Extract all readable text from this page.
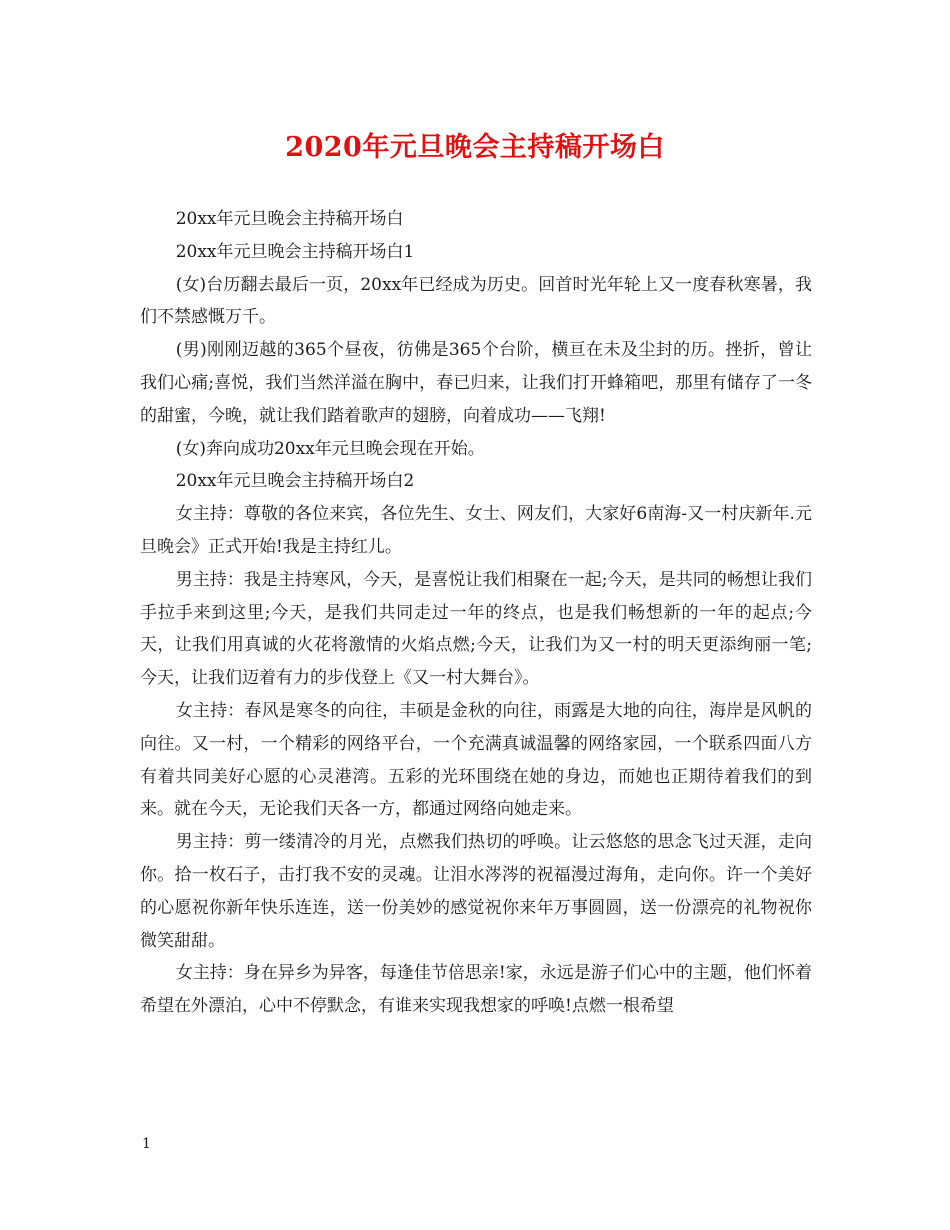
2020年元旦晚会主持稿开场白

20xx年元旦晚会主持稿开场白

20xx年元旦晚会主持稿开场白1

(女)台历翻去最后一页，20xx年已经成为历史。回首时光年轮上又一度春秋寒暑，我们不禁感慨万千。

(男)刚刚迈越的365个昼夜，彷佛是365个台阶，横亘在未及尘封的历。挫折，曾让我们心痛;喜悦，我们当然洋溢在胸中，春已归来，让我们打开蜂箱吧，那里有储存了一冬的甜蜜，今晚，就让我们踏着歌声的翅膀，向着成功——飞翔!

(女)奔向成功20xx年元旦晚会现在开始。

20xx年元旦晚会主持稿开场白2

女主持：尊敬的各位来宾，各位先生、女士、网友们，大家好6南海-又一村庆新年.元旦晚会》正式开始!我是主持红儿。

男主持：我是主持寒风，今天，是喜悦让我们相聚在一起;今天，是共同的畅想让我们手拉手来到这里;今天，是我们共同走过一年的终点，也是我们畅想新的一年的起点;今天，让我们用真诚的火花将激情的火焰点燃;今天，让我们为又一村的明天更添绚丽一笔;今天，让我们迈着有力的步伐登上《又一村大舞台》。

女主持：春风是寒冬的向往，丰硕是金秋的向往，雨露是大地的向往，海岸是风帆的向往。又一村，一个精彩的网络平台，一个充满真诚温馨的网络家园，一个联系四面八方有着共同美好心愿的心灵港湾。五彩的光环围绕在她的身边，而她也正期待着我们的到来。就在今天，无论我们天各一方，都通过网络向她走来。

男主持：剪一缕清冷的月光，点燃我们热切的呼唤。让云悠悠的思念飞过天涯，走向你。拾一枚石子，击打我不安的灵魂。让泪水涔涔的祝福漫过海角，走向你。许一个美好的心愿祝你新年快乐连连，送一份美妙的感觉祝你来年万事圆圆，送一份漂亮的礼物祝你微笑甜甜。

女主持：身在异乡为异客，每逢佳节倍思亲!家，永远是游子们心中的主题，他们怀着希望在外漂泊，心中不停默念，有谁来实现我想家的呼唤!点燃一根希望

1
